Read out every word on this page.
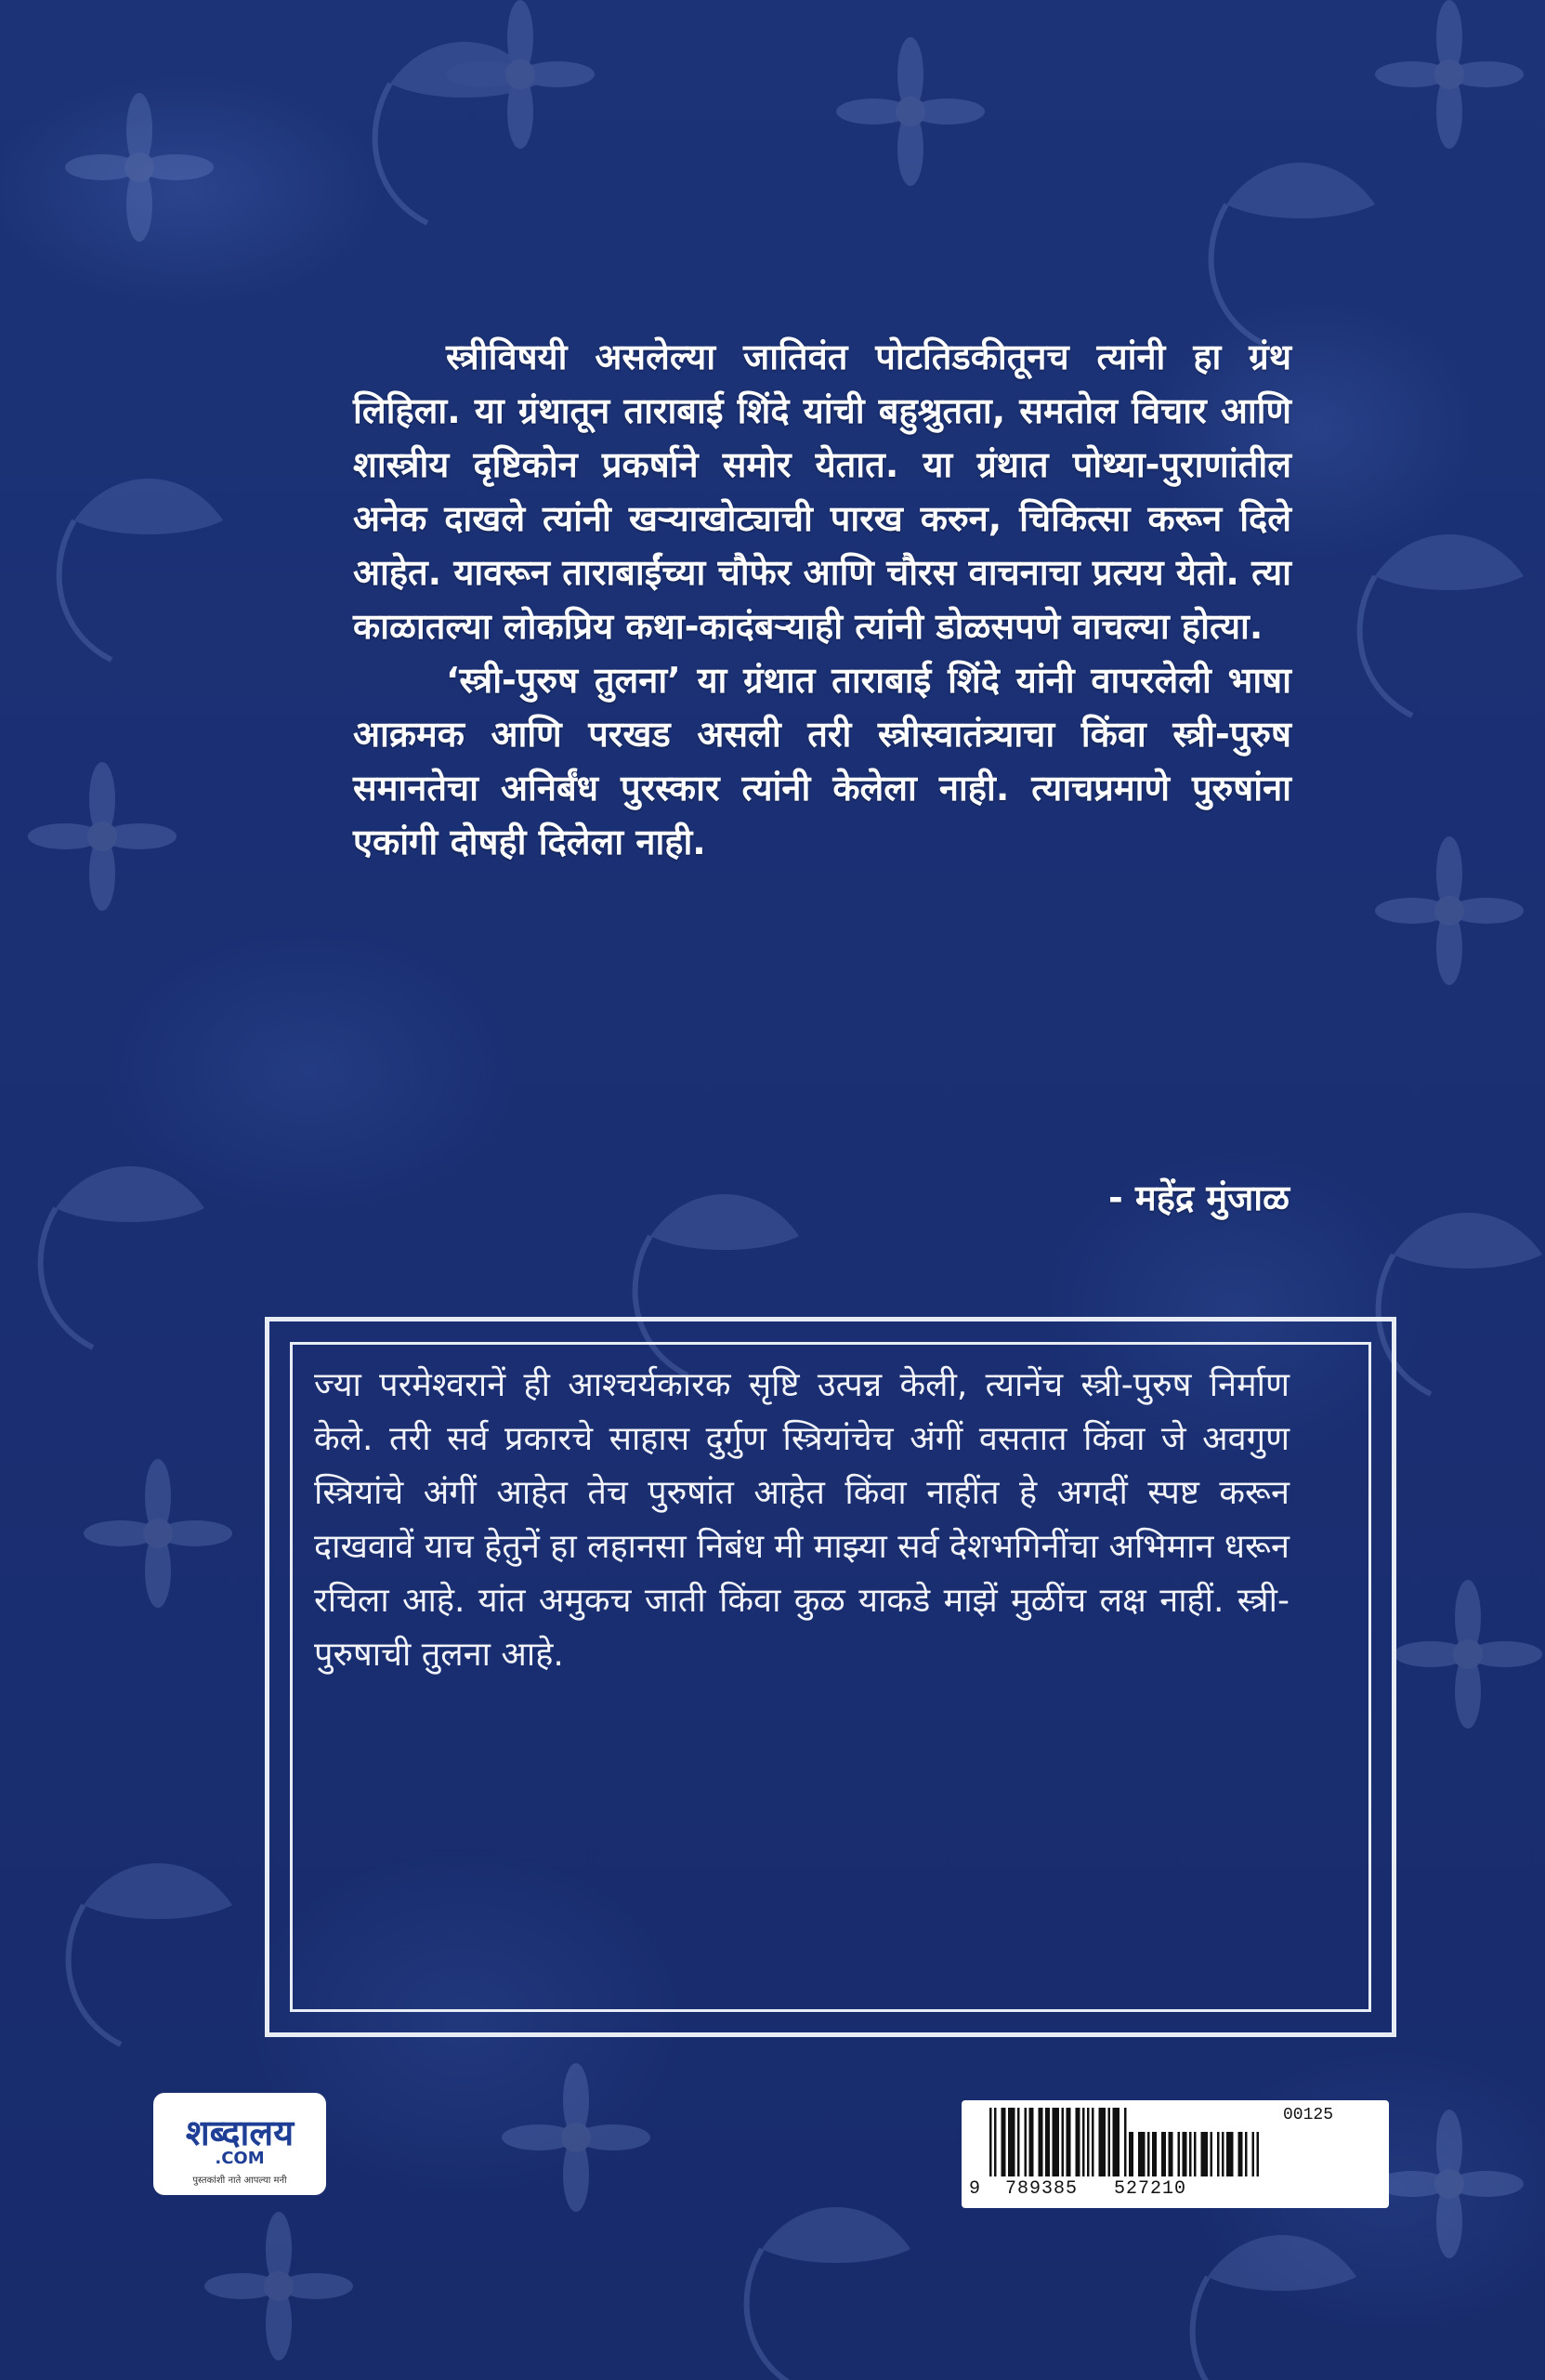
स्त्रीविषयी असलेल्या जातिवंत पोटतिडकीतूनच त्यांनी हा ग्रंथ लिहिला. या ग्रंथातून ताराबाई शिंदे यांची बहुश्रुतता, समतोल विचार आणि शास्त्रीय दृष्टिकोन प्रकर्षाने समोर येतात. या ग्रंथात पोथ्या-पुराणांतील अनेक दाखले त्यांनी खऱ्याखोट्याची पारख करुन, चिकित्सा करून दिले आहेत. यावरून ताराबाईंच्या चौफेर आणि चौरस वाचनाचा प्रत्यय येतो. त्या काळातल्या लोकप्रिय कथा-कादंबऱ्याही त्यांनी डोळसपणे वाचल्या होत्या.

‘स्त्री-पुरुष तुलना’ या ग्रंथात ताराबाई शिंदे यांनी वापरलेली भाषा आक्रमक आणि परखड असली तरी स्त्रीस्वातंत्र्याचा किंवा स्त्री-पुरुष समानतेचा अनिर्बंध पुरस्कार त्यांनी केलेला नाही. त्याचप्रमाणे पुरुषांना एकांगी दोषही दिलेला नाही.

- महेंद्र मुंजाळ
ज्या परमेश्वरानें ही आश्चर्यकारक सृष्टि उत्पन्न केली, त्यानेंच स्त्री-पुरुष निर्माण केले. तरी सर्व प्रकारचे साहास दुर्गुण स्त्रियांचेच अंगीं वसतात किंवा जे अवगुण स्त्रियांचे अंगीं आहेत तेच पुरुषांत आहेत किंवा नाहींत हे अगदीं स्पष्ट करून दाखवावें याच हेतुनें हा लहानसा निबंध मी माझ्या सर्व देशभगिनींचा अभिमान धरून रचिला आहे. यांत अमुकच जाती किंवा कुळ याकडे माझें मुळींच लक्ष नाहीं. स्त्री-पुरुषाची तुलना आहे.
शब्दालय
.COM
पुस्तकांशी नाते आपल्या मनी
00125
9  789385   527210
